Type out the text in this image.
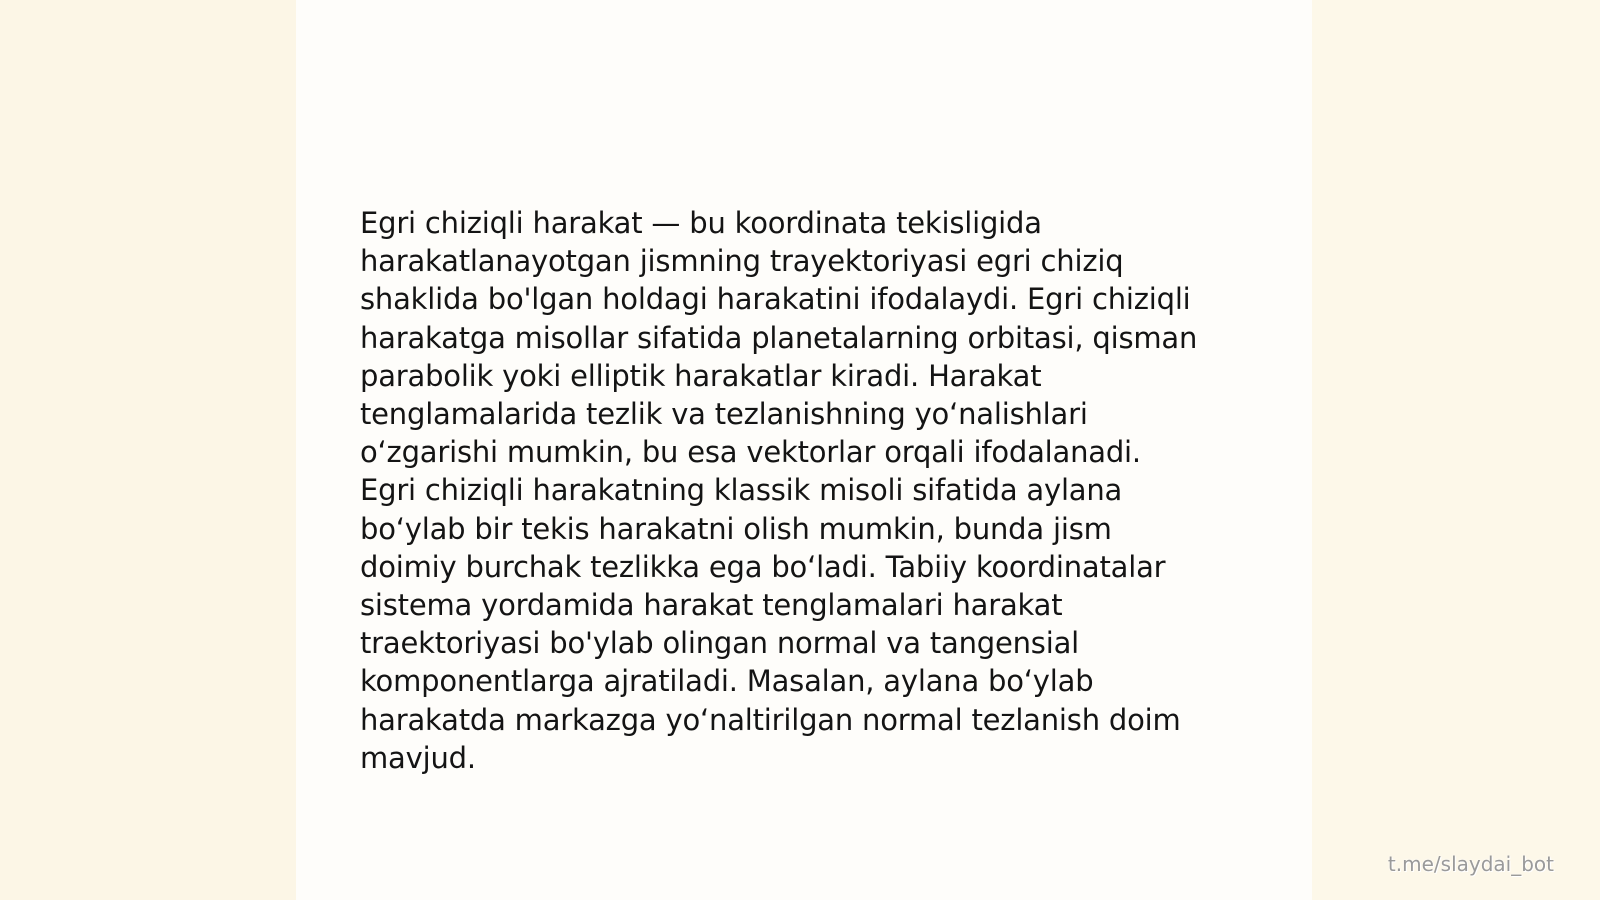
Egri chiziqli harakat — bu koordinata tekisligida
harakatlanayotgan jismning trayektoriyasi egri chiziq
shaklida bo'lgan holdagi harakatini ifodalaydi. Egri chiziqli
harakatga misollar sifatida planetalarning orbitasi, qisman
parabolik yoki elliptik harakatlar kiradi. Harakat
tenglamalarida tezlik va tezlanishning yoʻnalishlari
oʻzgarishi mumkin, bu esa vektorlar orqali ifodalanadi.
Egri chiziqli harakatning klassik misoli sifatida aylana
boʻylab bir tekis harakatni olish mumkin, bunda jism
doimiy burchak tezlikka ega boʻladi. Tabiiy koordinatalar
sistema yordamida harakat tenglamalari harakat
traektoriyasi bo'ylab olingan normal va tangensial
komponentlarga ajratiladi. Masalan, aylana boʻylab
harakatda markazga yoʻnaltirilgan normal tezlanish doim
mavjud.

t.me/slaydai_bot
